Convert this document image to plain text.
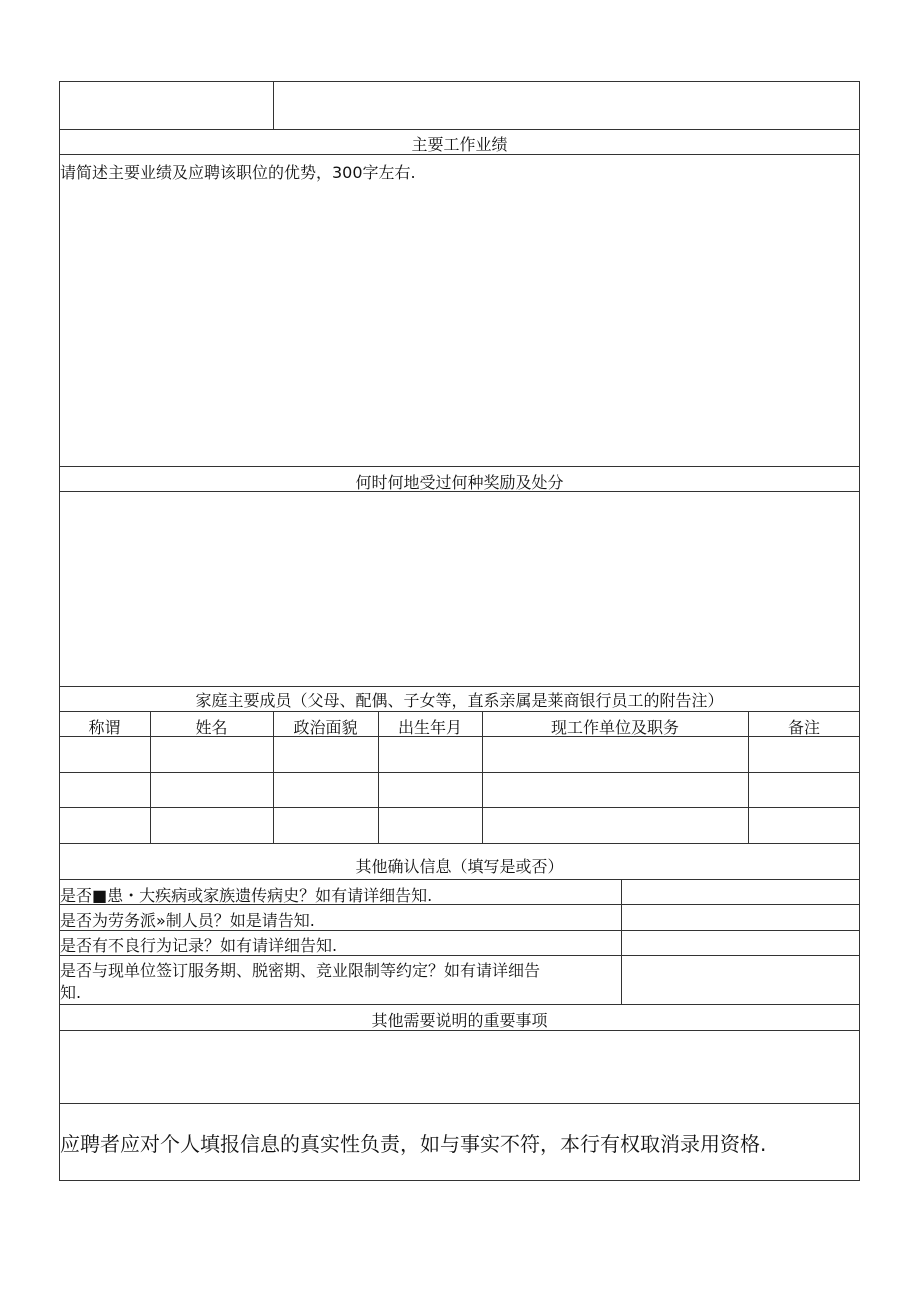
主要工作业绩
请简述主要业绩及应聘该职位的优势，300字左右.
何时何地受过何种奖励及处分
家庭主要成员（父母、配偶、子女等，直系亲属是莱商银行员工的附告注）
称谓	姓名	政治面貌	出生年月	现工作单位及职务	备注
其他确认信息（填写是或否）
是否■患・大疾病或家族遗传病史？如有请详细告知.
是否为劳务派»制人员？如是请告知.
是否有不良行为记录？如有请详细告知.
是否与现单位签订服务期、脱密期、竞业限制等约定？如有请详细告
知.
其他需要说明的重要事项
应聘者应对个人填报信息的真实性负责，如与事实不符，本行有权取消录用资格.
